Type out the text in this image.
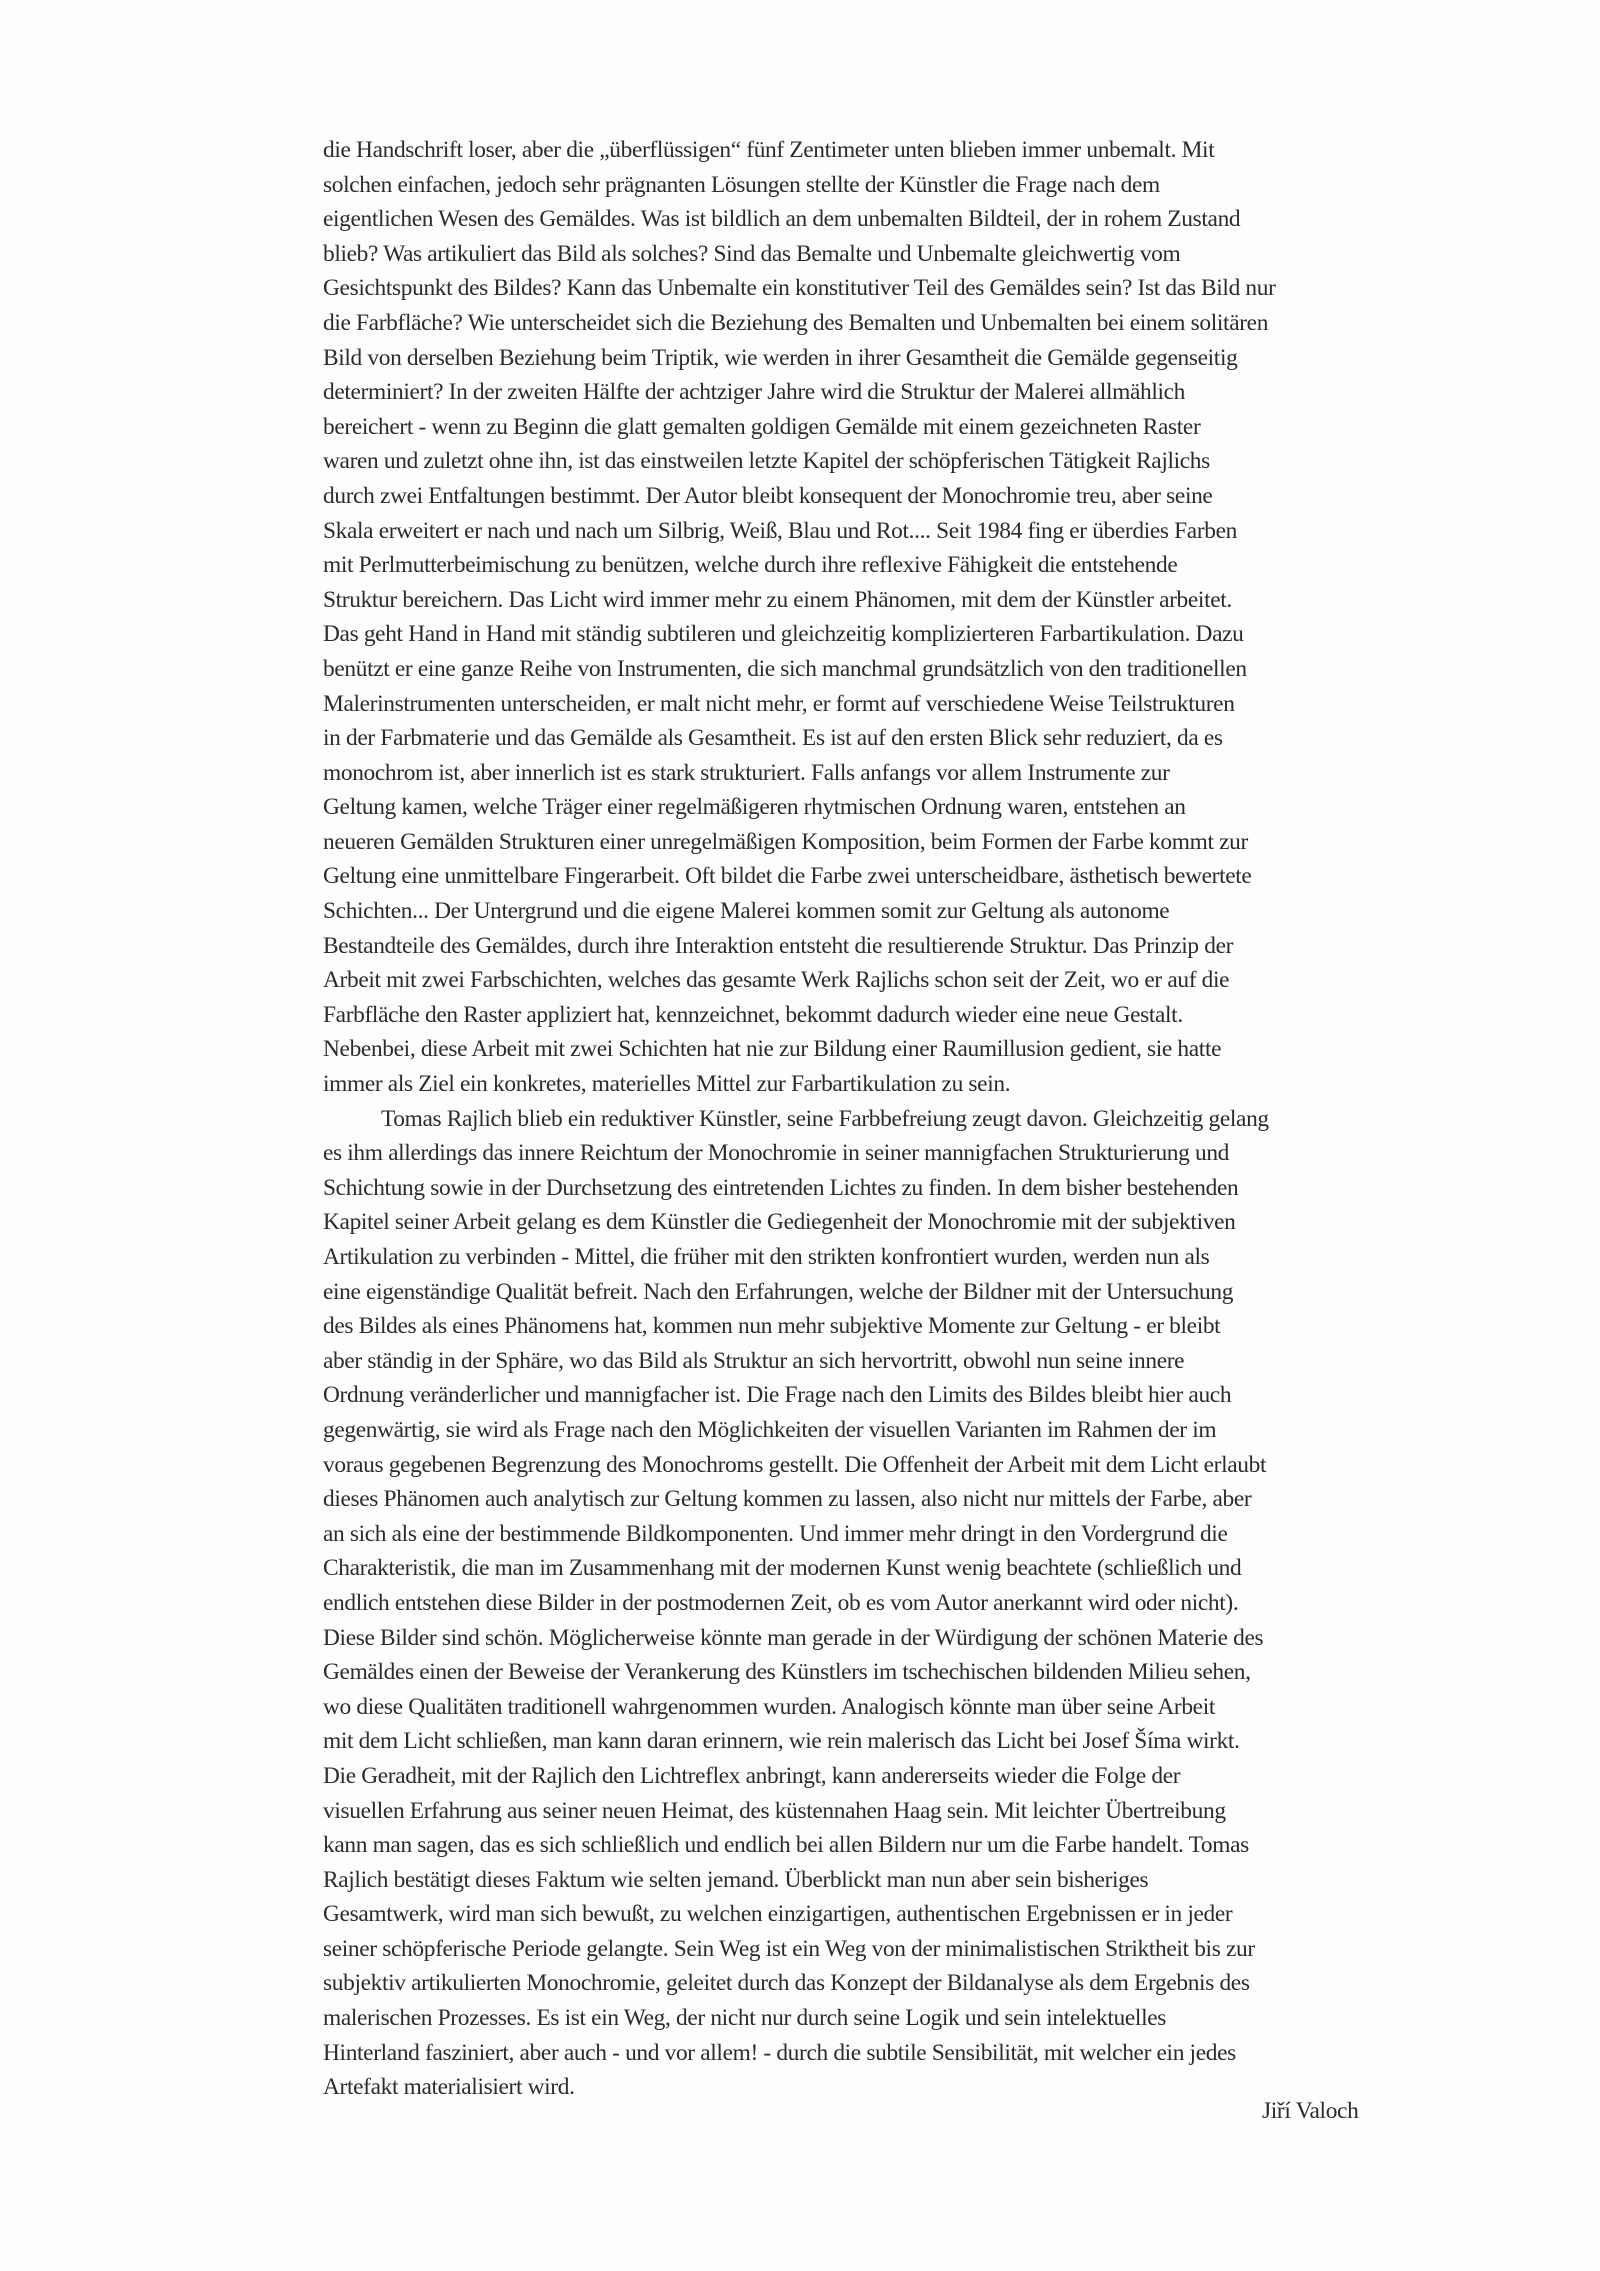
die Handschrift loser, aber die „überflüssigen“ fünf Zentimeter unten blieben immer unbemalt. Mit
solchen einfachen, jedoch sehr prägnanten Lösungen stellte der Künstler die Frage nach dem
eigentlichen Wesen des Gemäldes. Was ist bildlich an dem unbemalten Bildteil, der in rohem Zustand
blieb? Was artikuliert das Bild als solches? Sind das Bemalte und Unbemalte gleichwertig vom
Gesichtspunkt des Bildes? Kann das Unbemalte ein konstitutiver Teil des Gemäldes sein? Ist das Bild nur
die Farbfläche? Wie unterscheidet sich die Beziehung des Bemalten und Unbemalten bei einem solitären
Bild von derselben Beziehung beim Triptik, wie werden in ihrer Gesamtheit die Gemälde gegenseitig
determiniert? In der zweiten Hälfte der achtziger Jahre wird die Struktur der Malerei allmählich
bereichert - wenn zu Beginn die glatt gemalten goldigen Gemälde mit einem gezeichneten Raster
waren und zuletzt ohne ihn, ist das einstweilen letzte Kapitel der schöpferischen Tätigkeit Rajlichs
durch zwei Entfaltungen bestimmt. Der Autor bleibt konsequent der Monochromie treu, aber seine
Skala erweitert er nach und nach um Silbrig, Weiß, Blau und Rot.... Seit 1984 fing er überdies Farben
mit Perlmutterbeimischung zu benützen, welche durch ihre reflexive Fähigkeit die entstehende
Struktur bereichern. Das Licht wird immer mehr zu einem Phänomen, mit dem der Künstler arbeitet.
Das geht Hand in Hand mit ständig subtileren und gleichzeitig komplizierteren Farbartikulation. Dazu
benützt er eine ganze Reihe von Instrumenten, die sich manchmal grundsätzlich von den traditionellen
Malerinstrumenten unterscheiden, er malt nicht mehr, er formt auf verschiedene Weise Teilstrukturen
in der Farbmaterie und das Gemälde als Gesamtheit. Es ist auf den ersten Blick sehr reduziert, da es
monochrom ist, aber innerlich ist es stark strukturiert. Falls anfangs vor allem Instrumente zur
Geltung kamen, welche Träger einer regelmäßigeren rhytmischen Ordnung waren, entstehen an
neueren Gemälden Strukturen einer unregelmäßigen Komposition, beim Formen der Farbe kommt zur
Geltung eine unmittelbare Fingerarbeit. Oft bildet die Farbe zwei unterscheidbare, ästhetisch bewertete
Schichten... Der Untergrund und die eigene Malerei kommen somit zur Geltung als autonome
Bestandteile des Gemäldes, durch ihre Interaktion entsteht die resultierende Struktur. Das Prinzip der
Arbeit mit zwei Farbschichten, welches das gesamte Werk Rajlichs schon seit der Zeit, wo er auf die
Farbfläche den Raster appliziert hat, kennzeichnet, bekommt dadurch wieder eine neue Gestalt.
Nebenbei, diese Arbeit mit zwei Schichten hat nie zur Bildung einer Raumillusion gedient, sie hatte
immer als Ziel ein konkretes, materielles Mittel zur Farbartikulation zu sein.
Tomas Rajlich blieb ein reduktiver Künstler, seine Farbbefreiung zeugt davon. Gleichzeitig gelang
es ihm allerdings das innere Reichtum der Monochromie in seiner mannigfachen Strukturierung und
Schichtung sowie in der Durchsetzung des eintretenden Lichtes zu finden. In dem bisher bestehenden
Kapitel seiner Arbeit gelang es dem Künstler die Gediegenheit der Monochromie mit der subjektiven
Artikulation zu verbinden - Mittel, die früher mit den strikten konfrontiert wurden, werden nun als
eine eigenständige Qualität befreit. Nach den Erfahrungen, welche der Bildner mit der Untersuchung
des Bildes als eines Phänomens hat, kommen nun mehr subjektive Momente zur Geltung - er bleibt
aber ständig in der Sphäre, wo das Bild als Struktur an sich hervortritt, obwohl nun seine innere
Ordnung veränderlicher und mannigfacher ist. Die Frage nach den Limits des Bildes bleibt hier auch
gegenwärtig, sie wird als Frage nach den Möglichkeiten der visuellen Varianten im Rahmen der im
voraus gegebenen Begrenzung des Monochroms gestellt. Die Offenheit der Arbeit mit dem Licht erlaubt
dieses Phänomen auch analytisch zur Geltung kommen zu lassen, also nicht nur mittels der Farbe, aber
an sich als eine der bestimmende Bildkomponenten. Und immer mehr dringt in den Vordergrund die
Charakteristik, die man im Zusammenhang mit der modernen Kunst wenig beachtete (schließlich und
endlich entstehen diese Bilder in der postmodernen Zeit, ob es vom Autor anerkannt wird oder nicht).
Diese Bilder sind schön. Möglicherweise könnte man gerade in der Würdigung der schönen Materie des
Gemäldes einen der Beweise der Verankerung des Künstlers im tschechischen bildenden Milieu sehen,
wo diese Qualitäten traditionell wahrgenommen wurden. Analogisch könnte man über seine Arbeit
mit dem Licht schließen, man kann daran erinnern, wie rein malerisch das Licht bei Josef Šíma wirkt.
Die Geradheit, mit der Rajlich den Lichtreflex anbringt, kann andererseits wieder die Folge der
visuellen Erfahrung aus seiner neuen Heimat, des küstennahen Haag sein. Mit leichter Übertreibung
kann man sagen, das es sich schließlich und endlich bei allen Bildern nur um die Farbe handelt. Tomas
Rajlich bestätigt dieses Faktum wie selten jemand. Überblickt man nun aber sein bisheriges
Gesamtwerk, wird man sich bewußt, zu welchen einzigartigen, authentischen Ergebnissen er in jeder
seiner schöpferische Periode gelangte. Sein Weg ist ein Weg von der minimalistischen Striktheit bis zur
subjektiv artikulierten Monochromie, geleitet durch das Konzept der Bildanalyse als dem Ergebnis des
malerischen Prozesses. Es ist ein Weg, der nicht nur durch seine Logik und sein intelektuelles
Hinterland fasziniert, aber auch - und vor allem! - durch die subtile Sensibilität, mit welcher ein jedes
Artefakt materialisiert wird.
Jiří Valoch
